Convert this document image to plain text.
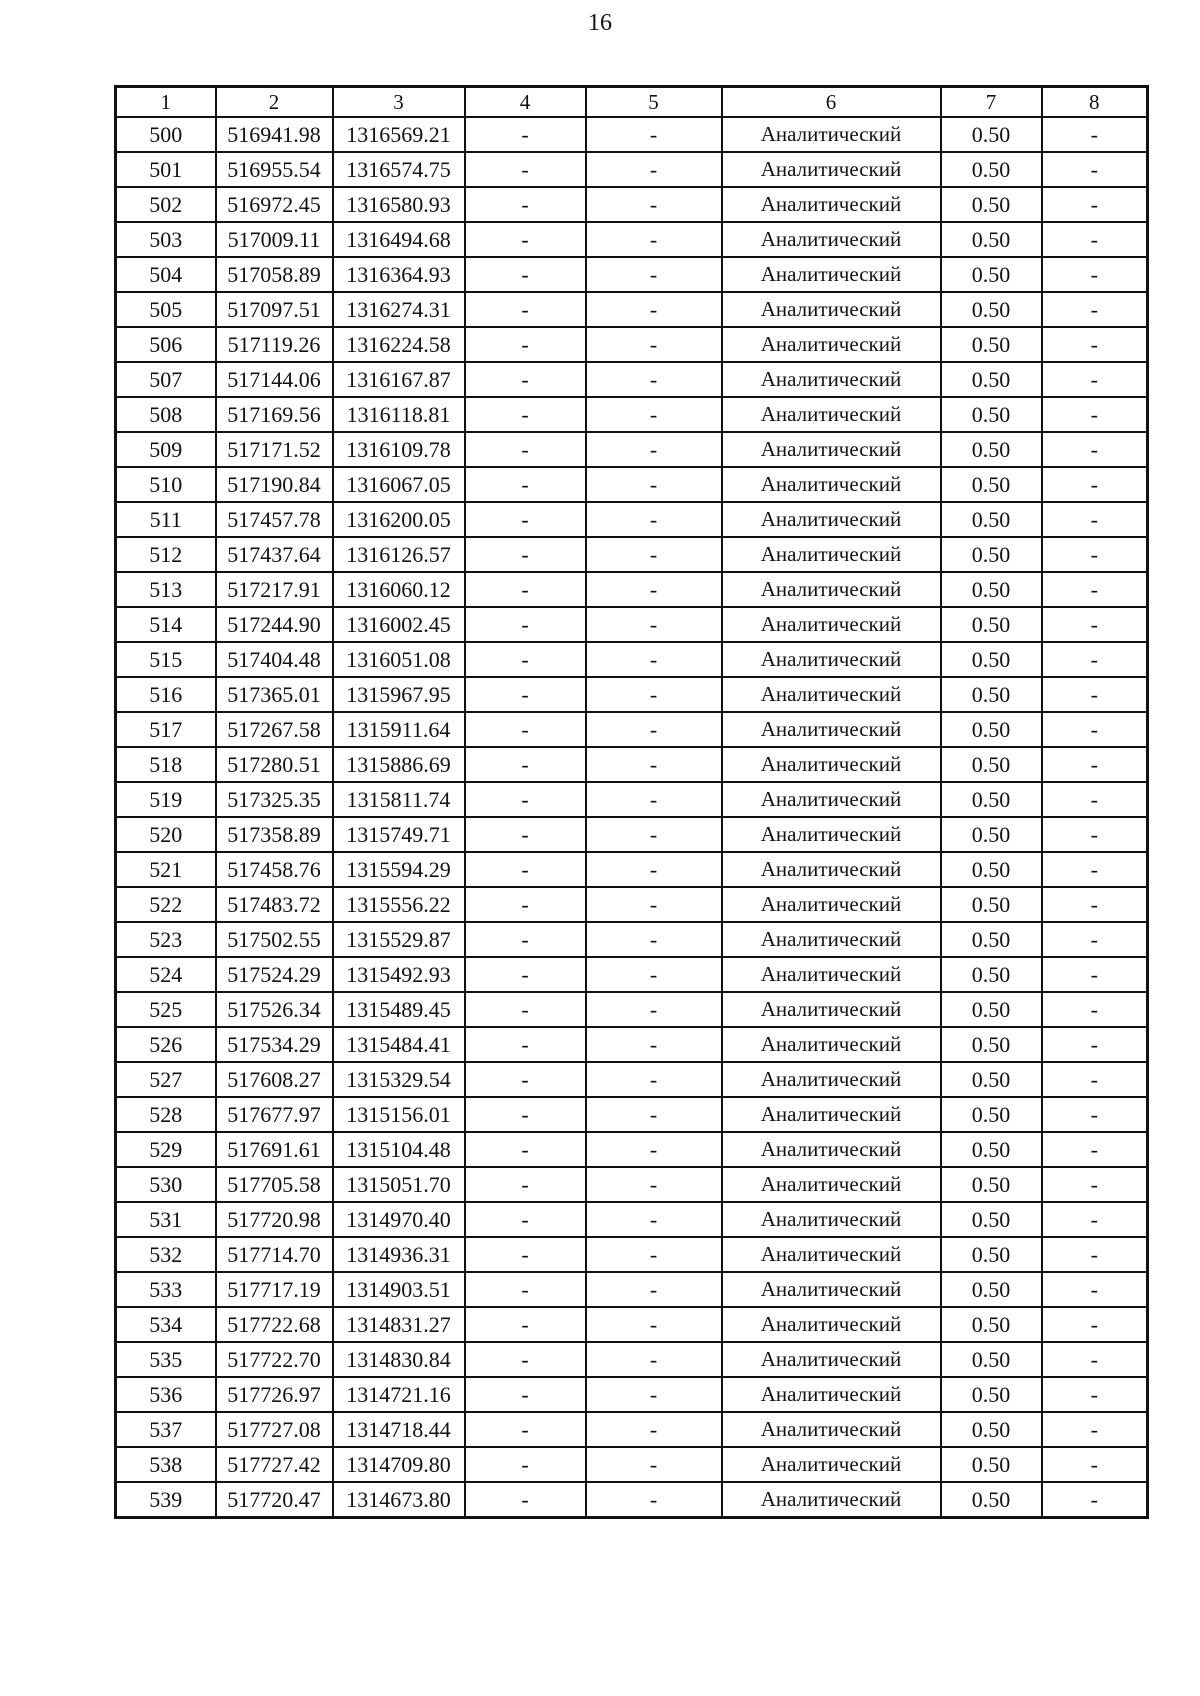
16
1	2	3	4	5	6	7	8
500	516941.98	1316569.21	-	-	Аналитический	0.50	-
501	516955.54	1316574.75	-	-	Аналитический	0.50	-
502	516972.45	1316580.93	-	-	Аналитический	0.50	-
503	517009.11	1316494.68	-	-	Аналитический	0.50	-
504	517058.89	1316364.93	-	-	Аналитический	0.50	-
505	517097.51	1316274.31	-	-	Аналитический	0.50	-
506	517119.26	1316224.58	-	-	Аналитический	0.50	-
507	517144.06	1316167.87	-	-	Аналитический	0.50	-
508	517169.56	1316118.81	-	-	Аналитический	0.50	-
509	517171.52	1316109.78	-	-	Аналитический	0.50	-
510	517190.84	1316067.05	-	-	Аналитический	0.50	-
511	517457.78	1316200.05	-	-	Аналитический	0.50	-
512	517437.64	1316126.57	-	-	Аналитический	0.50	-
513	517217.91	1316060.12	-	-	Аналитический	0.50	-
514	517244.90	1316002.45	-	-	Аналитический	0.50	-
515	517404.48	1316051.08	-	-	Аналитический	0.50	-
516	517365.01	1315967.95	-	-	Аналитический	0.50	-
517	517267.58	1315911.64	-	-	Аналитический	0.50	-
518	517280.51	1315886.69	-	-	Аналитический	0.50	-
519	517325.35	1315811.74	-	-	Аналитический	0.50	-
520	517358.89	1315749.71	-	-	Аналитический	0.50	-
521	517458.76	1315594.29	-	-	Аналитический	0.50	-
522	517483.72	1315556.22	-	-	Аналитический	0.50	-
523	517502.55	1315529.87	-	-	Аналитический	0.50	-
524	517524.29	1315492.93	-	-	Аналитический	0.50	-
525	517526.34	1315489.45	-	-	Аналитический	0.50	-
526	517534.29	1315484.41	-	-	Аналитический	0.50	-
527	517608.27	1315329.54	-	-	Аналитический	0.50	-
528	517677.97	1315156.01	-	-	Аналитический	0.50	-
529	517691.61	1315104.48	-	-	Аналитический	0.50	-
530	517705.58	1315051.70	-	-	Аналитический	0.50	-
531	517720.98	1314970.40	-	-	Аналитический	0.50	-
532	517714.70	1314936.31	-	-	Аналитический	0.50	-
533	517717.19	1314903.51	-	-	Аналитический	0.50	-
534	517722.68	1314831.27	-	-	Аналитический	0.50	-
535	517722.70	1314830.84	-	-	Аналитический	0.50	-
536	517726.97	1314721.16	-	-	Аналитический	0.50	-
537	517727.08	1314718.44	-	-	Аналитический	0.50	-
538	517727.42	1314709.80	-	-	Аналитический	0.50	-
539	517720.47	1314673.80	-	-	Аналитический	0.50	-
